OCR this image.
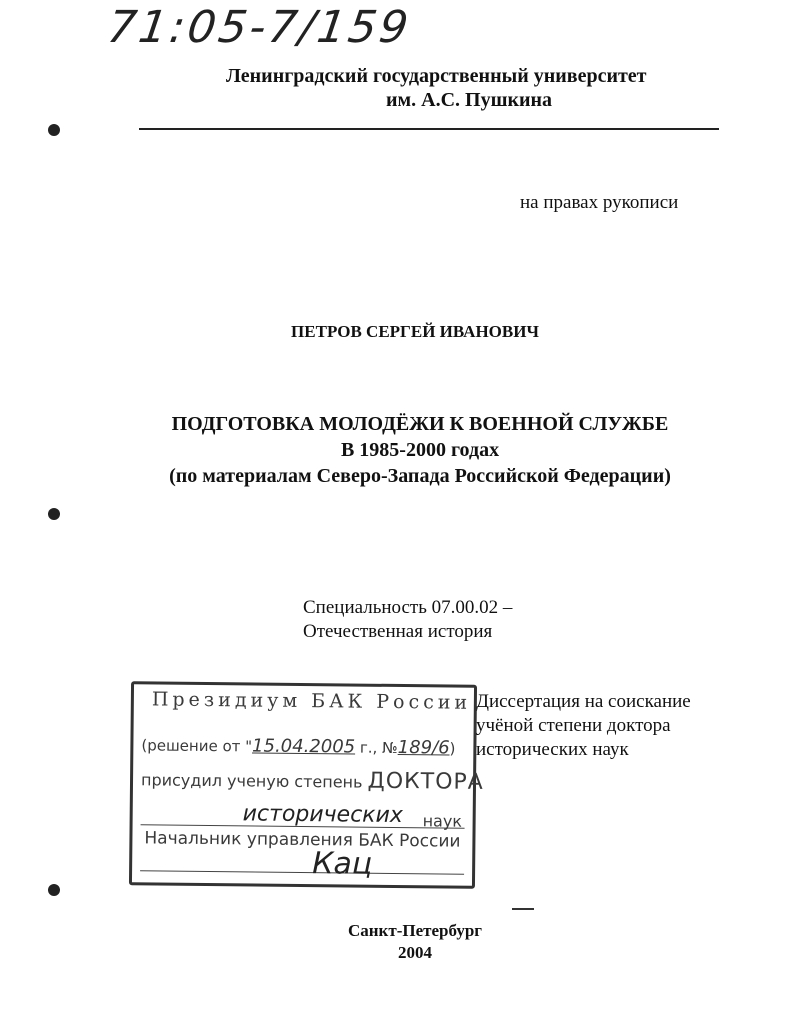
71:05-7/159
Ленинградский государственный университет
им. А.С. Пушкина
на правах рукописи
ПЕТРОВ СЕРГЕЙ ИВАНОВИЧ
ПОДГОТОВКА МОЛОДЁЖИ К ВОЕННОЙ СЛУЖБЕ
В 1985-2000 годах
(по материалам Северо-Запада Российской Федерации)
Специальность 07.00.02 –
Отечественная история
Диссертация на соискание
учёной степени доктора
исторических наук
Президиум БАК России
(решение от "15.04.2005 г., №189/6)
присудил ученую степень ДОКТОРА
исторических наук
Начальник управления БАК России
Кац
Санкт-Петербург
2004
